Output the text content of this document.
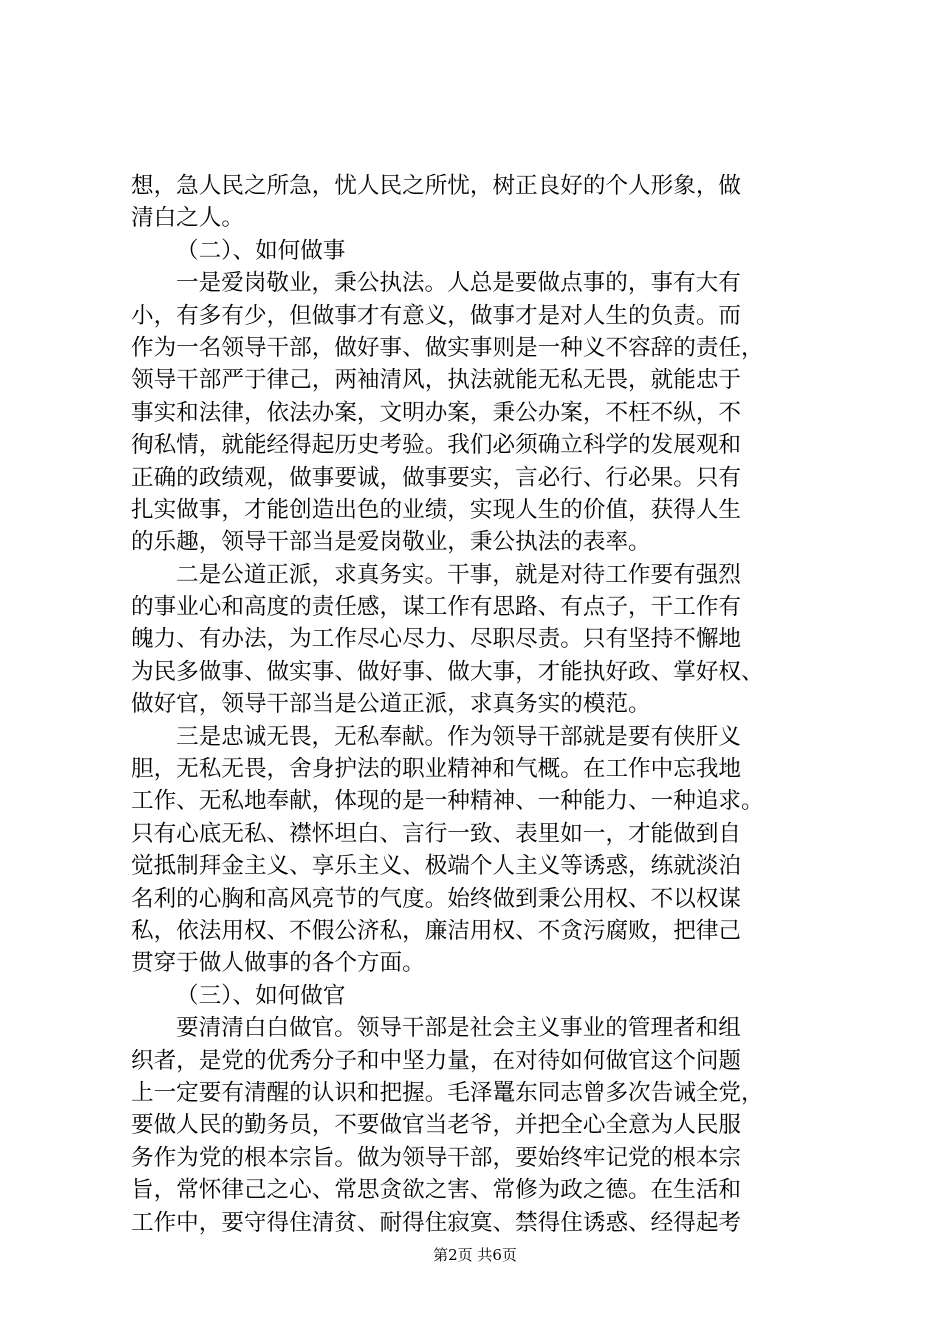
想，急人民之所急，忧人民之所忧，树正良好的个人形象，做
清白之人。
（二）、如何做事
一是爱岗敬业，秉公执法。人总是要做点事的，事有大有
小，有多有少，但做事才有意义，做事才是对人生的负责。而
作为一名领导干部，做好事、做实事则是一种义不容辞的责任，
领导干部严于律己，两袖清风，执法就能无私无畏，就能忠于
事实和法律，依法办案，文明办案，秉公办案，不枉不纵，不
徇私情，就能经得起历史考验。我们必须确立科学的发展观和
正确的政绩观，做事要诚，做事要实，言必行、行必果。只有
扎实做事，才能创造出色的业绩，实现人生的价值，获得人生
的乐趣，领导干部当是爱岗敬业，秉公执法的表率。
二是公道正派，求真务实。干事，就是对待工作要有强烈
的事业心和高度的责任感，谋工作有思路、有点子，干工作有
魄力、有办法，为工作尽心尽力、尽职尽责。只有坚持不懈地
为民多做事、做实事、做好事、做大事，才能执好政、掌好权、
做好官，领导干部当是公道正派，求真务实的模范。
三是忠诚无畏，无私奉献。作为领导干部就是要有侠肝义
胆，无私无畏，舍身护法的职业精神和气概。在工作中忘我地
工作、无私地奉献，体现的是一种精神、一种能力、一种追求。
只有心底无私、襟怀坦白、言行一致、表里如一，才能做到自
觉抵制拜金主义、享乐主义、极端个人主义等诱惑，练就淡泊
名利的心胸和高风亮节的气度。始终做到秉公用权、不以权谋
私，依法用权、不假公济私，廉洁用权、不贪污腐败，把律己
贯穿于做人做事的各个方面。
（三）、如何做官
要清清白白做官。领导干部是社会主义事业的管理者和组
织者，是党的优秀分子和中坚力量，在对待如何做官这个问题
上一定要有清醒的认识和把握。毛泽鼍东同志曾多次告诫全党，
要做人民的勤务员，不要做官当老爷，并把全心全意为人民服
务作为党的根本宗旨。做为领导干部，要始终牢记党的根本宗
旨，常怀律己之心、常思贪欲之害、常修为政之德。在生活和
工作中，要守得住清贫、耐得住寂寞、禁得住诱惑、经得起考
第2页 共6页
